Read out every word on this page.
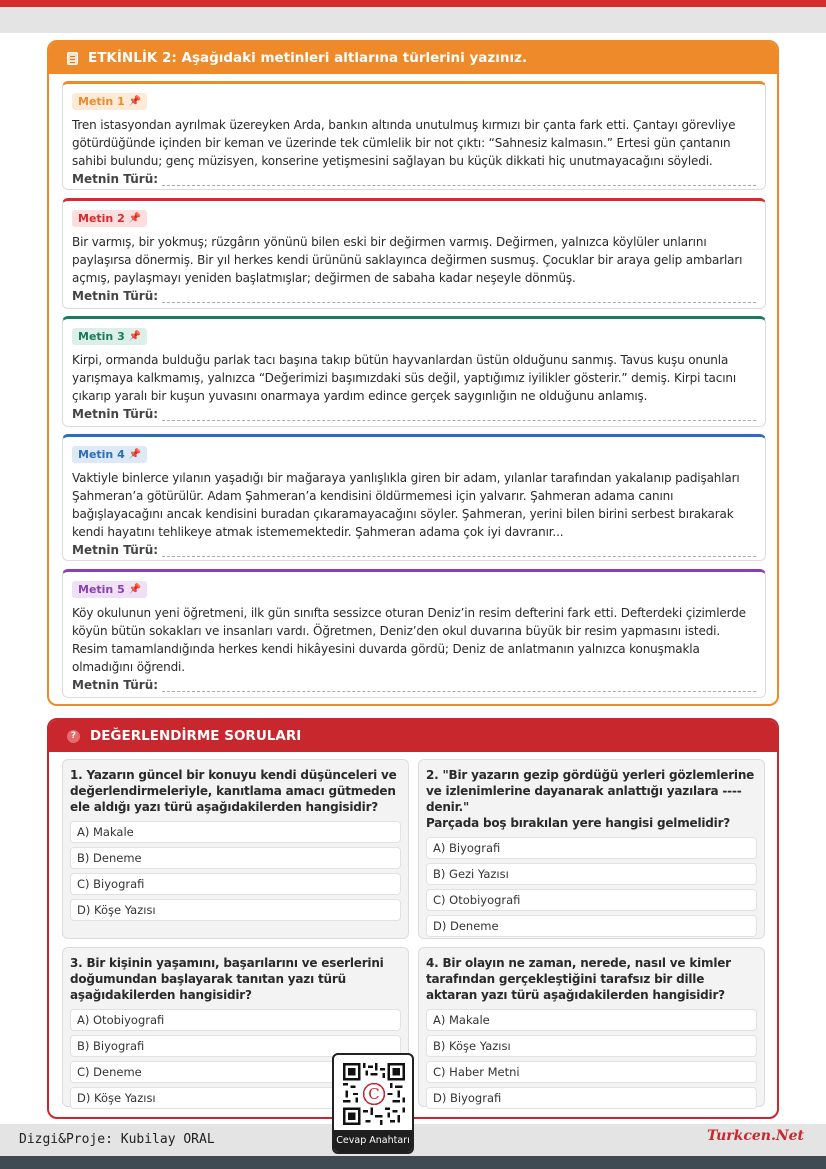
ETKİNLİK 2: Aşağıdaki metinleri altlarına türlerini yazınız.
Metin 1 📌

Tren istasyondan ayrılmak üzereyken Arda, bankın altında unutulmuş kırmızı bir çanta fark etti. Çantayı görevliye götürdüğünde içinden bir keman ve üzerinde tek cümlelik bir not çıktı: “Sahnesiz kalmasın.” Ertesi gün çantanın sahibi bulundu; genç müzisyen, konserine yetişmesini sağlayan bu küçük dikkati hiç unutmayacağını söyledi.

Metnin Türü:
Metin 2 📌

Bir varmış, bir yokmuş; rüzgârın yönünü bilen eski bir değirmen varmış. Değirmen, yalnızca köylüler unlarını paylaşırsa dönermiş. Bir yıl herkes kendi ürününü saklayınca değirmen susmuş. Çocuklar bir araya gelip ambarları açmış, paylaşmayı yeniden başlatmışlar; değirmen de sabaha kadar neşeyle dönmüş.

Metnin Türü:
Metin 3 📌

Kirpi, ormanda bulduğu parlak tacı başına takıp bütün hayvanlardan üstün olduğunu sanmış. Tavus kuşu onunla yarışmaya kalkmamış, yalnızca “Değerimizi başımızdaki süs değil, yaptığımız iyilikler gösterir.” demiş. Kirpi tacını çıkarıp yaralı bir kuşun yuvasını onarmaya yardım edince gerçek saygınlığın ne olduğunu anlamış.

Metnin Türü:
Metin 4 📌

Vaktiyle binlerce yılanın yaşadığı bir mağaraya yanlışlıkla giren bir adam, yılanlar tarafından yakalanıp padişahları Şahmeran’a götürülür. Adam Şahmeran’a kendisini öldürmemesi için yalvarır. Şahmeran adama canını bağışlayacağını ancak kendisini buradan çıkaramayacağını söyler. Şahmeran, yerini bilen birini serbest bırakarak kendi hayatını tehlikeye atmak istememektedir. Şahmeran adama çok iyi davranır...

Metnin Türü:
Metin 5 📌

Köy okulunun yeni öğretmeni, ilk gün sınıfta sessizce oturan Deniz’in resim defterini fark etti. Defterdeki çizimlerde köyün bütün sokakları ve insanları vardı. Öğretmen, Deniz’den okul duvarına büyük bir resim yapmasını istedi. Resim tamamlandığında herkes kendi hikâyesini duvarda gördü; Deniz de anlatmanın yalnızca konuşmakla olmadığını öğrendi.

Metnin Türü:
? DEĞERLENDİRME SORULARI
1. Yazarın güncel bir konuyu kendi düşünceleri ve değerlendirmeleriyle, kanıtlama amacı gütmeden ele aldığı yazı türü aşağıdakilerden hangisidir?
A) Makale
B) Deneme
C) Biyografi
D) Köşe Yazısı
2. "Bir yazarın gezip gördüğü yerleri gözlemlerine ve izlenimlerine dayanarak anlattığı yazılara ---- denir."
Parçada boş bırakılan yere hangisi gelmelidir?
A) Biyografi
B) Gezi Yazısı
C) Otobiyografi
D) Deneme
3. Bir kişinin yaşamını, başarılarını ve eserlerini doğumundan başlayarak tanıtan yazı türü aşağıdakilerden hangisidir?
A) Otobiyografi
B) Biyografi
C) Deneme
D) Köşe Yazısı
4. Bir olayın ne zaman, nerede, nasıl ve kimler tarafından gerçekleştiğini tarafsız bir dille aktaran yazı türü aşağıdakilerden hangisidir?
A) Makale
B) Köşe Yazısı
C) Haber Metni
D) Biyografi
Dizgi&Proje: Kubilay ORAL	Turkcen.Net
C
Cevap Anahtarı
